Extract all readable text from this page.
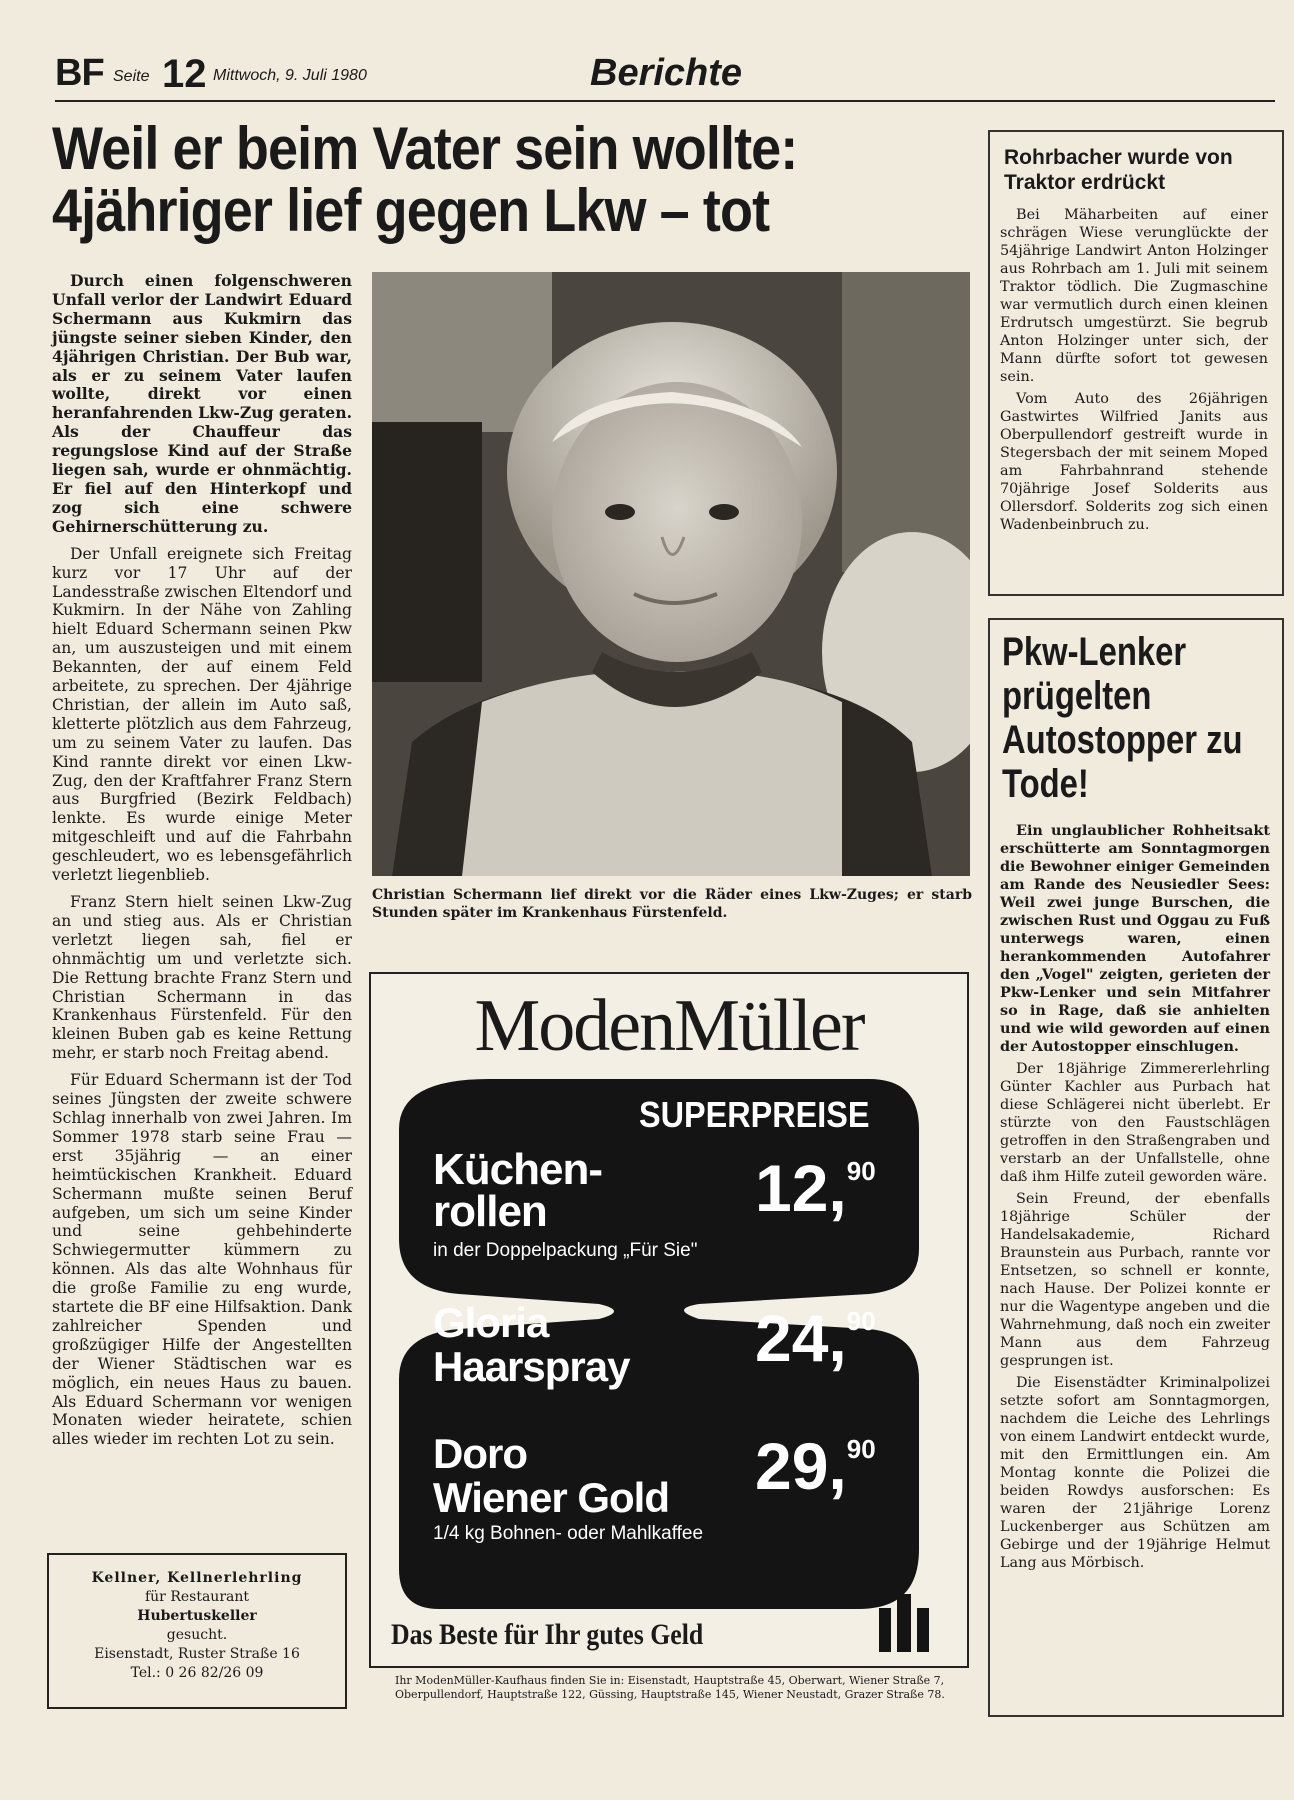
BF Seite 12 Mittwoch, 9. Juli 1980	Berichte
Weil er beim Vater sein wollte:
4jähriger lief gegen Lkw – tot

Durch einen folgenschweren Unfall verlor der Landwirt Eduard Schermann aus Kukmirn das jüngste seiner sieben Kinder, den 4jährigen Christian. Der Bub war, als er zu seinem Vater laufen wollte, direkt vor einen heranfahrenden Lkw-Zug geraten. Als der Chauffeur das regungslose Kind auf der Straße liegen sah, wurde er ohnmächtig. Er fiel auf den Hinterkopf und zog sich eine schwere Gehirnerschütterung zu.

Der Unfall ereignete sich Freitag kurz vor 17 Uhr auf der Landesstraße zwischen Eltendorf und Kukmirn. In der Nähe von Zahling hielt Eduard Schermann seinen Pkw an, um auszusteigen und mit einem Bekannten, der auf einem Feld arbeitete, zu sprechen. Der 4jährige Christian, der allein im Auto saß, kletterte plötzlich aus dem Fahrzeug, um zu seinem Vater zu laufen. Das Kind rannte direkt vor einen Lkw-Zug, den der Kraftfahrer Franz Stern aus Burgfried (Bezirk Feldbach) lenkte. Es wurde einige Meter mitgeschleift und auf die Fahrbahn geschleudert, wo es lebensgefährlich verletzt liegenblieb.

Franz Stern hielt seinen Lkw-Zug an und stieg aus. Als er Christian verletzt liegen sah, fiel er ohnmächtig um und verletzte sich. Die Rettung brachte Franz Stern und Christian Schermann in das Krankenhaus Fürstenfeld. Für den kleinen Buben gab es keine Rettung mehr, er starb noch Freitag abend.

Für Eduard Schermann ist der Tod seines Jüngsten der zweite schwere Schlag innerhalb von zwei Jahren. Im Sommer 1978 starb seine Frau — erst 35jährig — an einer heimtückischen Krankheit. Eduard Schermann mußte seinen Beruf aufgeben, um sich um seine Kinder und seine gehbehinderte Schwiegermutter kümmern zu können. Als das alte Wohnhaus für die große Familie zu eng wurde, startete die BF eine Hilfsaktion. Dank zahlreicher Spenden und großzügiger Hilfe der Angestellten der Wiener Städtischen war es möglich, ein neues Haus zu bauen. Als Eduard Schermann vor wenigen Monaten wieder heiratete, schien alles wieder im rechten Lot zu sein.

Christian Schermann lief direkt vor die Räder eines Lkw-Zuges; er starb Stunden später im Krankenhaus Fürstenfeld.
ModenMüller
SUPERPREISE
Küchen-
rollen
in der Doppelpackung „Für Sie"
12,90
Gloria
Haarspray 24,90
Doro
Wiener Gold
1/4 kg Bohnen- oder Mahlkaffee
29,90
Das Beste für Ihr gutes Geld
Ihr ModenMüller-Kaufhaus finden Sie in: Eisenstadt, Hauptstraße 45, Oberwart, Wiener Straße 7, Oberpullendorf, Hauptstraße 122, Güssing, Hauptstraße 145, Wiener Neustadt, Grazer Straße 78.
Kellner, Kellnerlehrling
für Restaurant
Hubertuskeller
gesucht.
Eisenstadt, Ruster Straße 16
Tel.: 0 26 82/26 09
Rohrbacher wurde von Traktor erdrückt

Bei Mäharbeiten auf einer schrägen Wiese verunglückte der 54jährige Landwirt Anton Holzinger aus Rohrbach am 1. Juli mit seinem Traktor tödlich. Die Zugmaschine war vermutlich durch einen kleinen Erdrutsch umgestürzt. Sie begrub Anton Holzinger unter sich, der Mann dürfte sofort tot gewesen sein.

Vom Auto des 26jährigen Gastwirtes Wilfried Janits aus Oberpullendorf gestreift wurde in Stegersbach der mit seinem Moped am Fahrbahnrand stehende 70jährige Josef Solderits aus Ollersdorf. Solderits zog sich einen Wadenbeinbruch zu.

Pkw-Lenker prügelten Autostopper zu Tode!

Ein unglaublicher Rohheitsakt erschütterte am Sonntagmorgen die Bewohner einiger Gemeinden am Rande des Neusiedler Sees: Weil zwei junge Burschen, die zwischen Rust und Oggau zu Fuß unterwegs waren, einen herankommenden Autofahrer den „Vogel" zeigten, gerieten der Pkw-Lenker und sein Mitfahrer so in Rage, daß sie anhielten und wie wild geworden auf einen der Autostopper einschlugen.

Der 18jährige Zimmererlehrling Günter Kachler aus Purbach hat diese Schlägerei nicht überlebt. Er stürzte von den Faustschlägen getroffen in den Straßengraben und verstarb an der Unfallstelle, ohne daß ihm Hilfe zuteil geworden wäre.

Sein Freund, der ebenfalls 18jährige Schüler der Handelsakademie, Richard Braunstein aus Purbach, rannte vor Entsetzen, so schnell er konnte, nach Hause. Der Polizei konnte er nur die Wagentype angeben und die Wahrnehmung, daß noch ein zweiter Mann aus dem Fahrzeug gesprungen ist.

Die Eisenstädter Kriminalpolizei setzte sofort am Sonntagmorgen, nachdem die Leiche des Lehrlings von einem Landwirt entdeckt wurde, mit den Ermittlungen ein. Am Montag konnte die Polizei die beiden Rowdys ausforschen: Es waren der 21jährige Lorenz Luckenberger aus Schützen am Gebirge und der 19jährige Helmut Lang aus Mörbisch.
